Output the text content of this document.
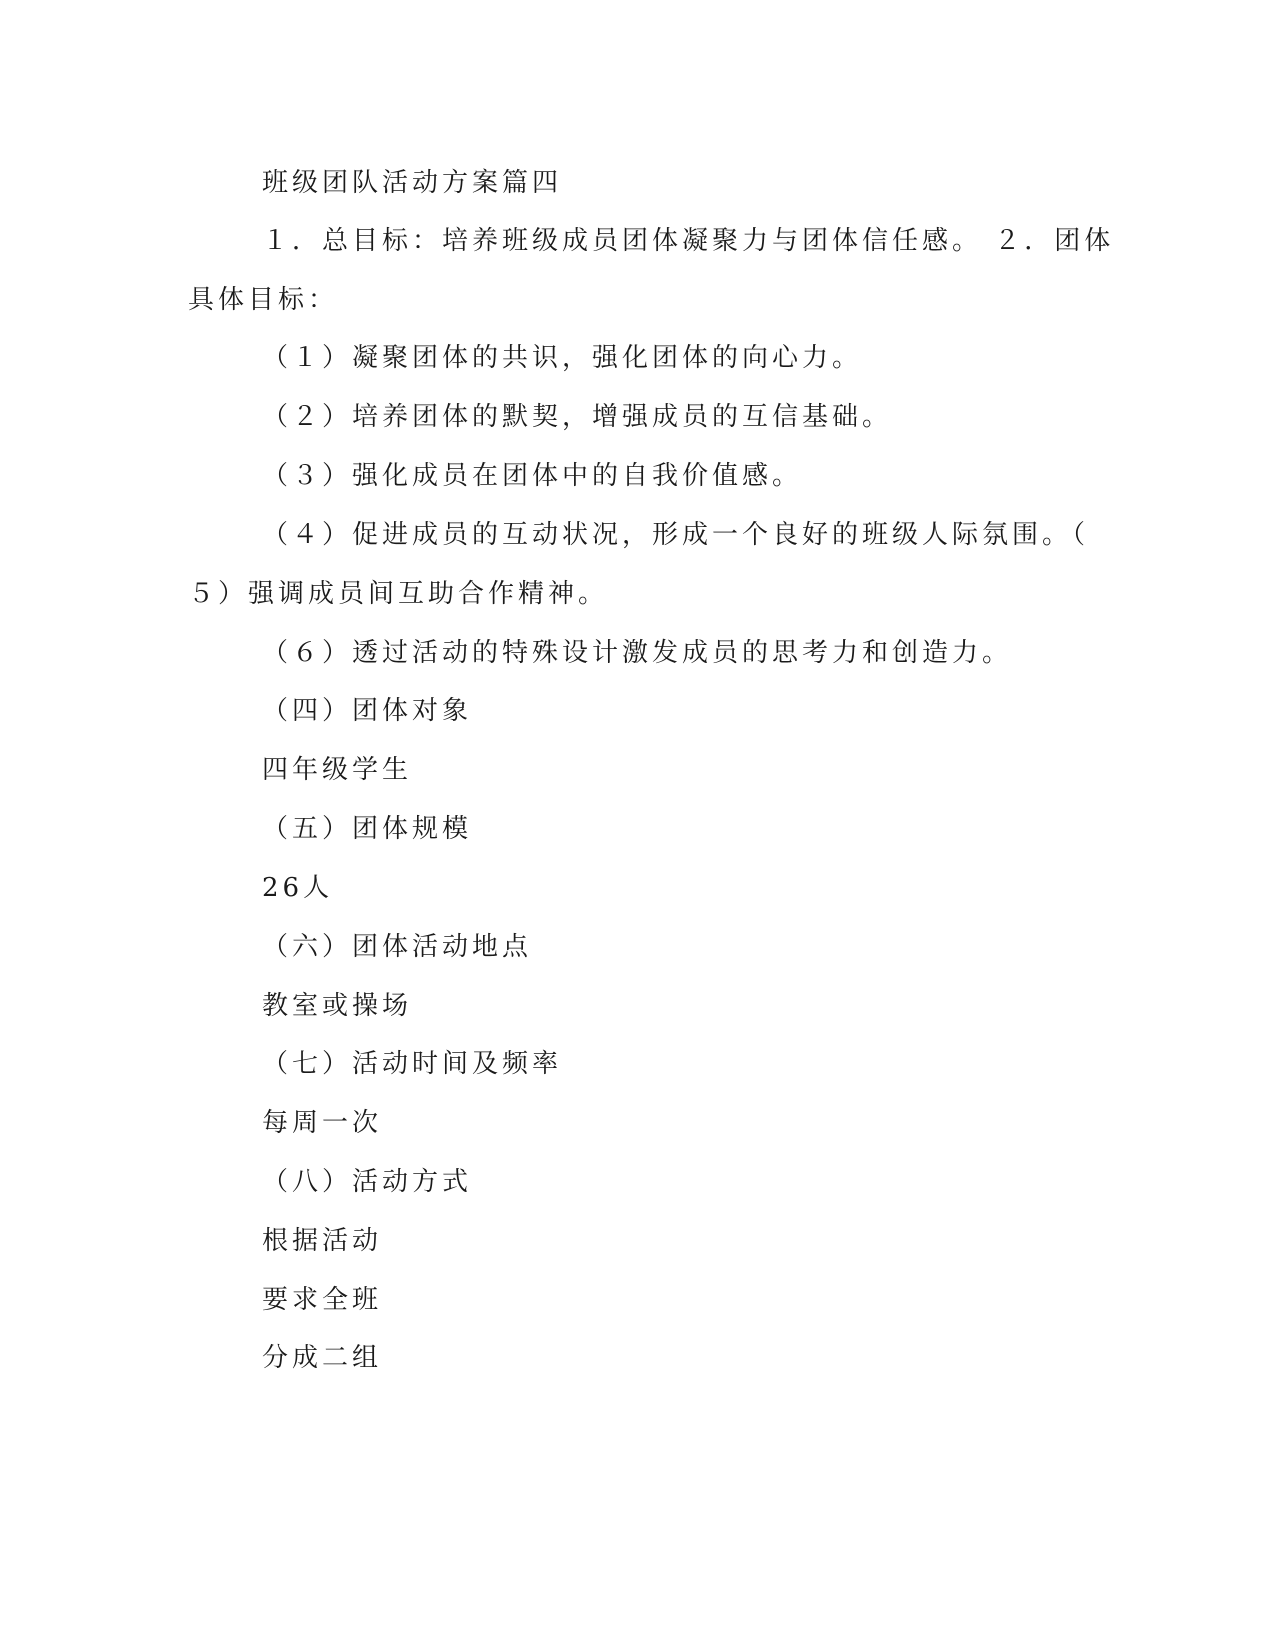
班级团队活动方案篇四
１．总目标：培养班级成员团体凝聚力与团体信任感。 ２．团体
具体目标：
（１）凝聚团体的共识，强化团体的向心力。
（２）培养团体的默契，增强成员的互信基础。
（３）强化成员在团体中的自我价值感。
（４）促进成员的互动状况，形成一个良好的班级人际氛围。（
５）强调成员间互助合作精神。
（６）透过活动的特殊设计激发成员的思考力和创造力。
（四）团体对象
四年级学生
（五）团体规模
26人
（六）团体活动地点
教室或操场
（七）活动时间及频率
每周一次
（八）活动方式
根据活动
要求全班
分成二组
